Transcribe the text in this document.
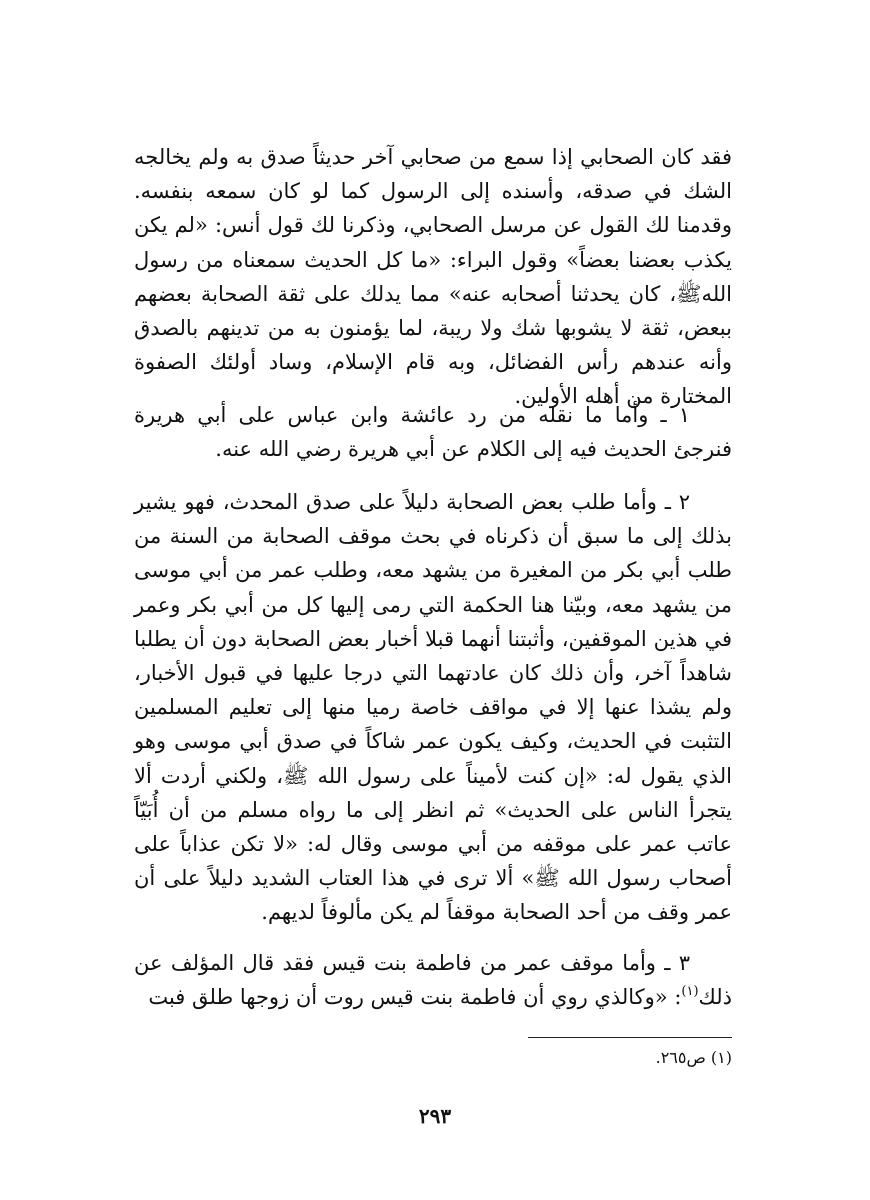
فقد كان الصحابي إذا سمع من صحابي آخر حديثاً صدق به ولم يخالجه الشك في صدقه، وأسنده إلى الرسول كما لو كان سمعه بنفسه. وقدمنا لك القول عن مرسل الصحابي، وذكرنا لك قول أنس: «لم يكن يكذب بعضنا بعضاً» وقول البراء: «ما كل الحديث سمعناه من رسول اللهﷺ، كان يحدثنا أصحابه عنه» مما يدلك على ثقة الصحابة بعضهم ببعض، ثقة لا يشوبها شك ولا ريبة، لما يؤمنون به من تدينهم بالصدق وأنه عندهم رأس الفضائل، وبه قام الإسلام، وساد أولئك الصفوة المختارة من أهله الأولين.

١ ـ وأما ما نقله من رد عائشة وابن عباس على أبي هريرة فنرجئ الحديث فيه إلى الكلام عن أبي هريرة رضي الله عنه.

٢ ـ وأما طلب بعض الصحابة دليلاً على صدق المحدث، فهو يشير بذلك إلى ما سبق أن ذكرناه في بحث موقف الصحابة من السنة من طلب أبي بكر من المغيرة من يشهد معه، وطلب عمر من أبي موسى من يشهد معه، وبيّنا هنا الحكمة التي رمى إليها كل من أبي بكر وعمر في هذين الموقفين، وأثبتنا أنهما قبلا أخبار بعض الصحابة دون أن يطلبا شاهداً آخر، وأن ذلك كان عادتهما التي درجا عليها في قبول الأخبار، ولم يشذا عنها إلا في مواقف خاصة رميا منها إلى تعليم المسلمين التثبت في الحديث، وكيف يكون عمر شاكاً في صدق أبي موسى وهو الذي يقول له: «إن كنت لأميناً على رسول الله ﷺ، ولكني أردت ألا يتجرأ الناس على الحديث» ثم انظر إلى ما رواه مسلم من أن أُبَيّاً عاتب عمر على موقفه من أبي موسى وقال له: «لا تكن عذاباً على أصحاب رسول الله ﷺ» ألا ترى في هذا العتاب الشديد دليلاً على أن عمر وقف من أحد الصحابة موقفاً لم يكن مألوفاً لديهم.

٣ ـ وأما موقف عمر من فاطمة بنت قيس فقد قال المؤلف عن ذلك$^{(١)}$: «وكالذي روي أن فاطمة بنت قيس روت أن زوجها طلق فبت

(١) ص٢٦٥.
٢٩٣
